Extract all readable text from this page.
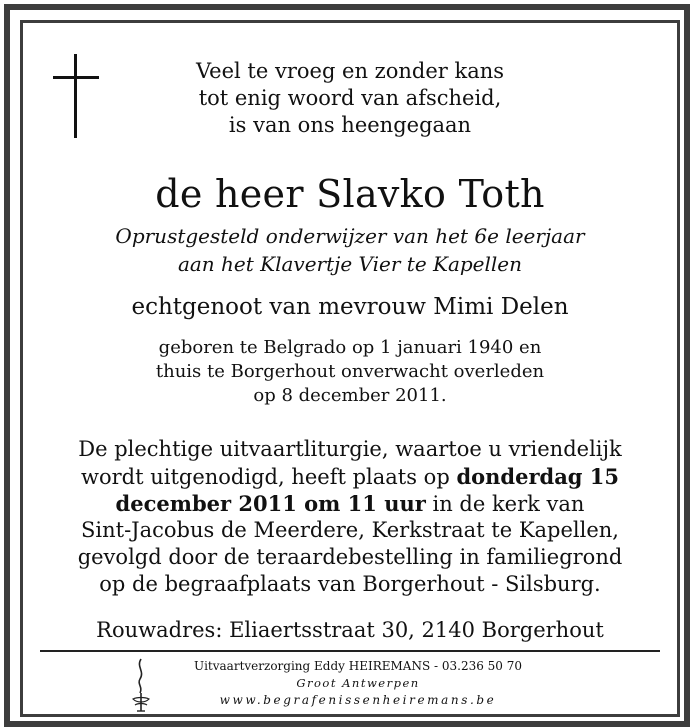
Veel te vroeg en zonder kans
tot enig woord van afscheid,
is van ons heengegaan
de heer Slavko Toth
Oprustgesteld onderwijzer van het 6e leerjaar
aan het Klavertje Vier te Kapellen
echtgenoot van mevrouw Mimi Delen
geboren te Belgrado op 1 januari 1940 en
thuis te Borgerhout onverwacht overleden
op 8 december 2011.
De plechtige uitvaartliturgie, waartoe u vriendelijk
wordt uitgenodigd, heeft plaats op donderdag 15
december 2011 om 11 uur in de kerk van
Sint-Jacobus de Meerdere, Kerkstraat te Kapellen,
gevolgd door de teraardebestelling in familiegrond
op de begraafplaats van Borgerhout - Silsburg.
Rouwadres: Eliaertsstraat 30, 2140 Borgerhout
Uitvaartverzorging Eddy HEIREMANS - 03.236 50 70
Groot Antwerpen
www.begrafenissenheiremans.be
